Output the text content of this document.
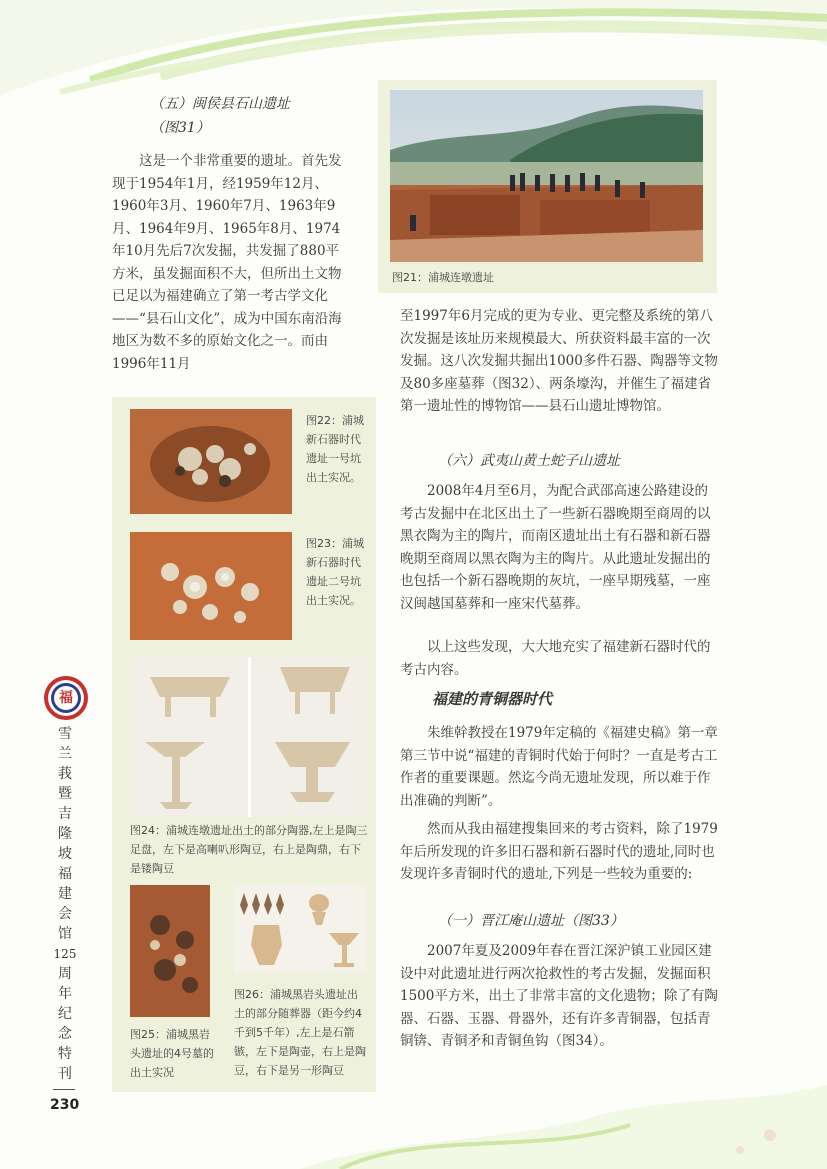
（五）闽侯县石山遗址
（图31）

这是一个非常重要的遗址。首先发现于1954年1月，经1959年12月、1960年3月、1960年7月、1963年9月、1964年9月、1965年8月、1974年10月先后7次发掘，共发掘了880平方米，虽发掘面积不大，但所出土文物已足以为福建确立了第一考古学文化——“县石山文化”，成为中国东南沿海地区为数不多的原始文化之一。而由1996年11月

图21：浦城连墩遗址

至1997年6月完成的更为专业、更完整及系统的第八次发掘是该址历来规模最大、所获资料最丰富的一次发掘。这八次发掘共掘出1000多件石器、陶器等文物及80多座墓葬（图32）、两条壕沟，并催生了福建省第一遗址性的博物馆——县石山遗址博物馆。

（六）武夷山黄土蛇子山遗址

2008年4月至6月，为配合武邵高速公路建设的考古发掘中在北区出土了一些新石器晚期至商周的以黑衣陶为主的陶片，而南区遗址出土有石器和新石器晚期至商周以黑衣陶为主的陶片。从此遗址发掘出的也包括一个新石器晚期的灰坑，一座早期残墓，一座汉闽越国墓葬和一座宋代墓葬。

以上这些发现，大大地充实了福建新石器时代的考古内容。

福建的青铜器时代

朱维幹教授在1979年定稿的《福建史稿》第一章第三节中说“福建的青铜时代始于何时？一直是考古工作者的重要课题。然迄今尚无遗址发现，所以难于作出准确的判断”。

然而从我由福建搜集回来的考古资料，除了1979年后所发现的许多旧石器和新石器时代的遗址,同时也发现许多青铜时代的遗址,下列是一些较为重要的:

（一）晋江庵山遗址（图33）

2007年夏及2009年春在晋江深沪镇工业园区建设中对此遗址进行两次抢救性的考古发掘，发掘面积1500平方米，出土了非常丰富的文化遗物；除了有陶器、石器、玉器、骨器外，还有许多青铜器，包括青铜锛、青铜矛和青铜鱼钩（图34）。

图22：浦城新石器时代遗址一号坑出土实况。
图23：浦城新石器时代遗址二号坑出土实况。
图24：浦城连墩遗址出土的部分陶器,左上是陶三足盘，左下是高喇叭形陶豆，右上是陶鼎，右下是镂陶豆
图25：浦城黑岩头遗址的4号墓的出土实况
图26：浦城黑岩头遗址出土的部分随葬器（距今约4千到5千年）,左上是石箭镞，左下是陶壶，右上是陶豆，右下是另一形陶豆
福
雪
兰
莪
暨
吉
隆
坡
福
建
会
馆
125
周
年
纪
念
特
刊
230
